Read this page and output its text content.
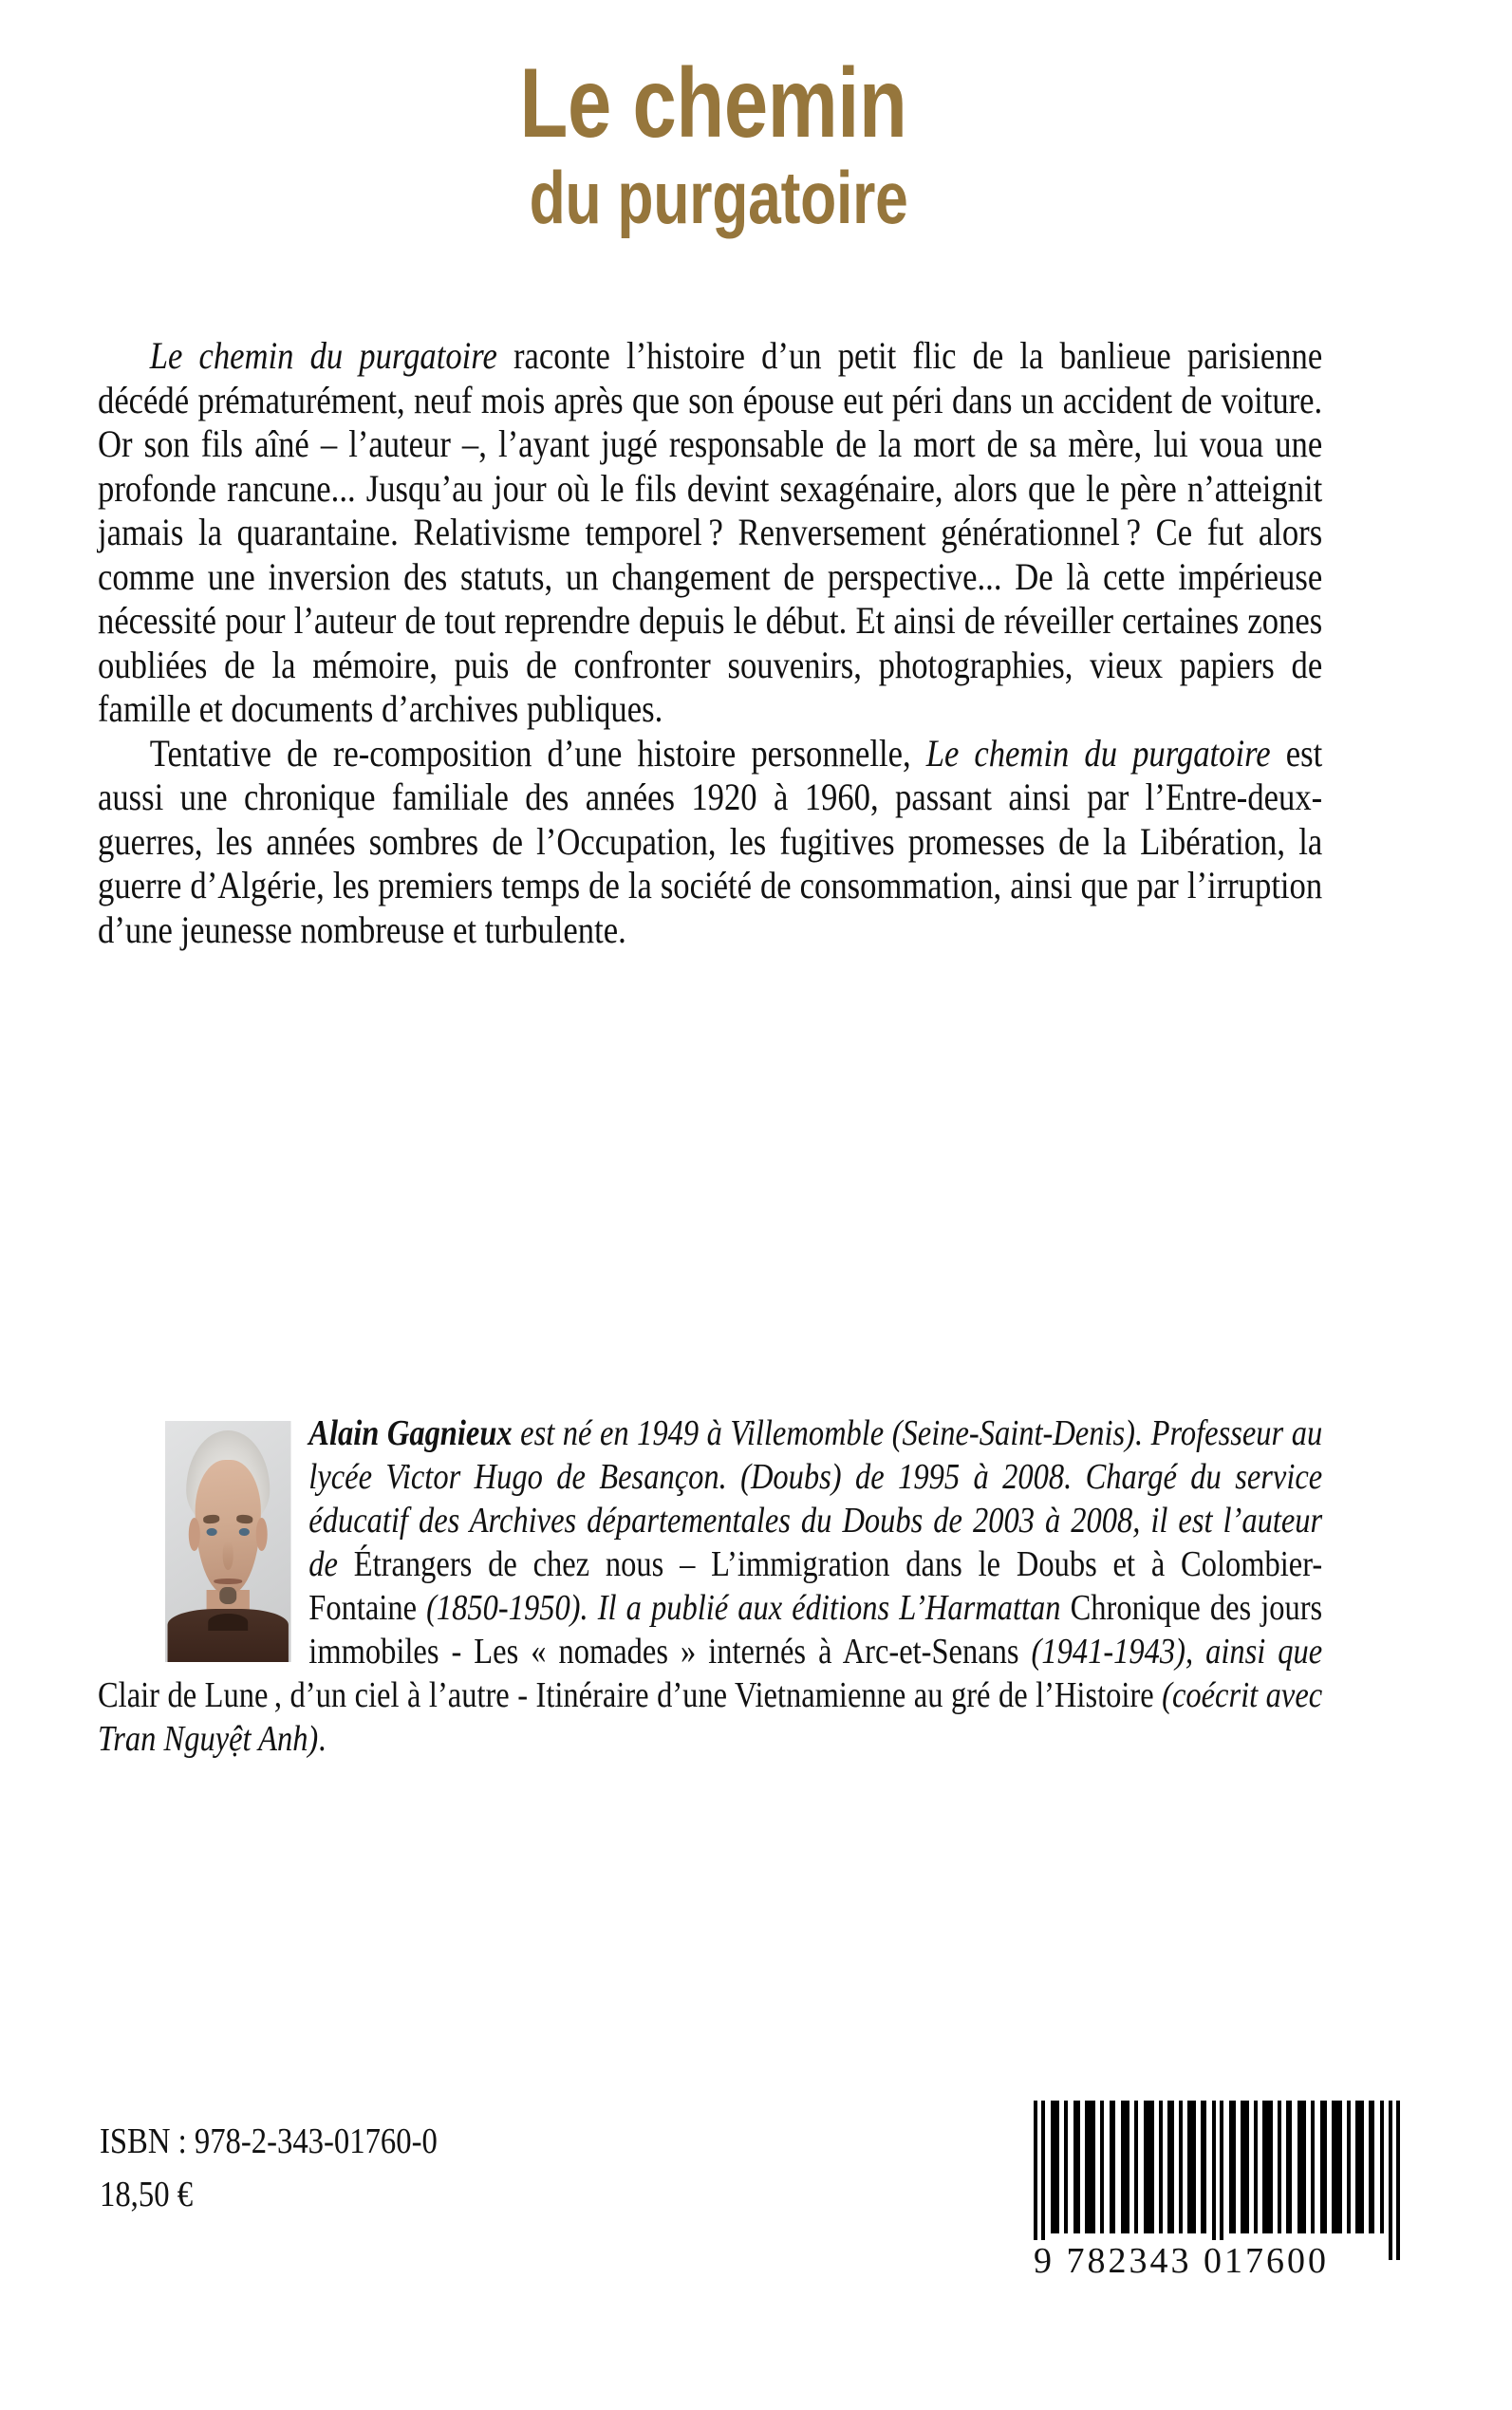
Le chemin
du purgatoire

Le chemin du purgatoire raconte l’histoire d’un petit flic de la banlieue parisienne décédé prématurément, neuf mois après que son épouse eut péri dans un accident de voiture. Or son fils aîné – l’auteur –, l’ayant jugé responsable de la mort de sa mère, lui voua une profonde rancune... Jusqu’au jour où le fils devint sexagénaire, alors que le père n’atteignit jamais la quarantaine. Relativisme temporel ? Renversement générationnel ? Ce fut alors comme une inversion des statuts, un changement de perspective... De là cette impérieuse nécessité pour l’auteur de tout reprendre depuis le début. Et ainsi de réveiller certaines zones oubliées de la mémoire, puis de confronter souvenirs, photographies, vieux papiers de famille et documents d’archives publiques.

Tentative de re-composition d’une histoire personnelle, Le chemin du purgatoire est aussi une chronique familiale des années 1920 à 1960, passant ainsi par l’Entre-deux-guerres, les années sombres de l’Occupation, les fugitives promesses de la Libération, la guerre d’Algérie, les premiers temps de la société de consommation, ainsi que par l’irruption d’une jeunesse nombreuse et turbulente.

Alain Gagnieux est né en 1949 à Villemomble (Seine-Saint-Denis). Professeur au lycée Victor Hugo de Besançon. (Doubs) de 1995 à 2008. Chargé du service éducatif des Archives départementales du Doubs de 2003 à 2008, il est l’auteur de Étrangers de chez nous – L’immigration dans le Doubs et à Colombier-Fontaine (1850-1950). Il a publié aux éditions L’Harmattan Chronique des jours immobiles - Les « nomades » internés à Arc-et-Senans (1941-1943), ainsi que Clair de Lune , d’un ciel à l’autre - Itinéraire d’une Vietnamienne au gré de l’Histoire (coécrit avec Tran Nguyệt Anh).

ISBN : 978-2-343-01760-0
18,50 €
9 782343 017600
